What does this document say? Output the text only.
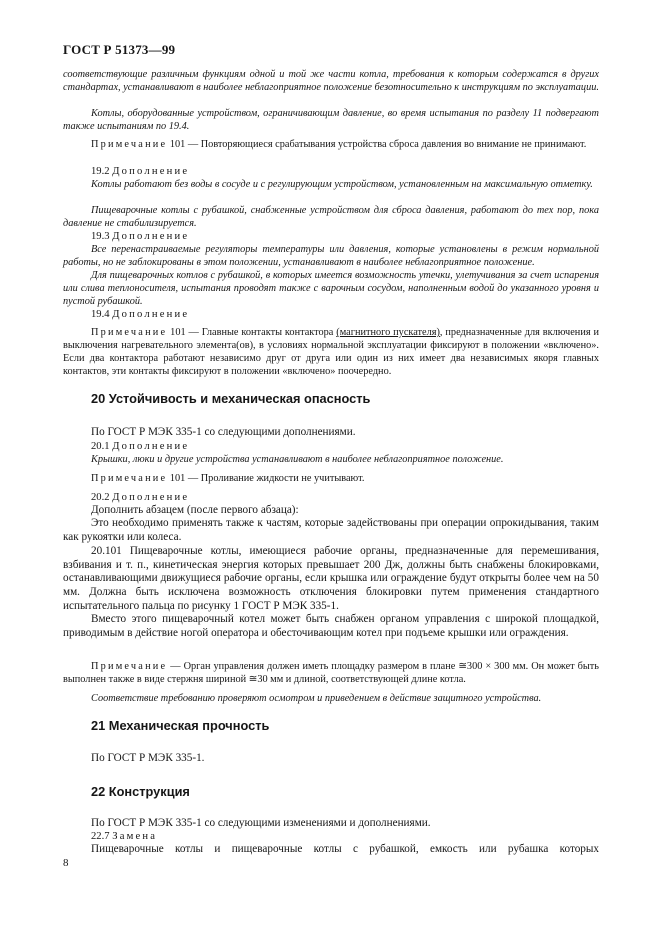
ГОСТ Р 51373—99

соответствующие различным функциям одной и той же части котла, требования к которым содержатся в других стандартах, устанавливают в наиболее неблагоприятное положение безотносительно к инструкциям по эксплуатации.

Котлы, оборудованные устройством, ограничивающим давление, во время испытания по разделу 11 подвергают также испытаниям по 19.4.

Примечание 101 — Повторяющиеся срабатывания устройства сброса давления во внимание не принимают.

19.2 Дополнение

Котлы работают без воды в сосуде и с регулирующим устройством, установленным на максимальную отметку.

Пищеварочные котлы с рубашкой, снабженные устройством для сброса давления, работают до тех пор, пока давление не стабилизируется.

19.3 Дополнение

Все перенастраиваемые регуляторы температуры или давления, которые установлены в режим нормальной работы, но не заблокированы в этом положении, устанавливают в наиболее неблагоприятное положение.

Для пищеварочных котлов с рубашкой, в которых имеется возможность утечки, улетучивания за счет испарения или слива теплоносителя, испытания проводят также с варочным сосудом, наполненным водой до указанного уровня и пустой рубашкой.

19.4 Дополнение

Примечание 101 — Главные контакты контактора (магнитного пускателя), предназначенные для включения и выключения нагревательного элемента(ов), в условиях нормальной эксплуатации фиксируют в положении «включено». Если два контактора работают независимо друг от друга или один из них имеет два независимых якоря главных контактов, эти контакты фиксируют в положении «включено» поочередно.

20 Устойчивость и механическая опасность

По ГОСТ Р МЭК 335-1 со следующими дополнениями.

20.1 Дополнение

Крышки, люки и другие устройства устанавливают в наиболее неблагоприятное положение.

Примечание 101 — Проливание жидкости не учитывают.

20.2 Дополнение

Дополнить абзацем (после первого абзаца):

Это необходимо применять также к частям, которые задействованы при операции опрокидывания, таким как рукоятки или колеса.

20.101 Пищеварочные котлы, имеющиеся рабочие органы, предназначенные для перемешивания, взбивания и т. п., кинетическая энергия которых превышает 200 Дж, должны быть снабжены блокировками, останавливающими движущиеся рабочие органы, если крышка или ограждение будут открыты более чем на 50 мм. Должна быть исключена возможность отключения блокировки путем применения стандартного испытательного пальца по рисунку 1 ГОСТ Р МЭК 335-1.

Вместо этого пищеварочный котел может быть снабжен органом управления с широкой площадкой, приводимым в действие ногой оператора и обесточивающим котел при подъеме крышки или ограждения.

Примечание — Орган управления должен иметь площадку размером в плане ≅300 × 300 мм. Он может быть выполнен также в виде стержня шириной ≅30 мм и длиной, соответствующей длине котла.

Соответствие требованию проверяют осмотром и приведением в действие защитного устройства.

21 Механическая прочность

По ГОСТ Р МЭК 335-1.

22 Конструкция

По ГОСТ Р МЭК 335-1 со следующими изменениями и дополнениями.

22.7 Замена

Пищеварочные котлы и пищеварочные котлы с рубашкой, емкость или рубашка которых

8
